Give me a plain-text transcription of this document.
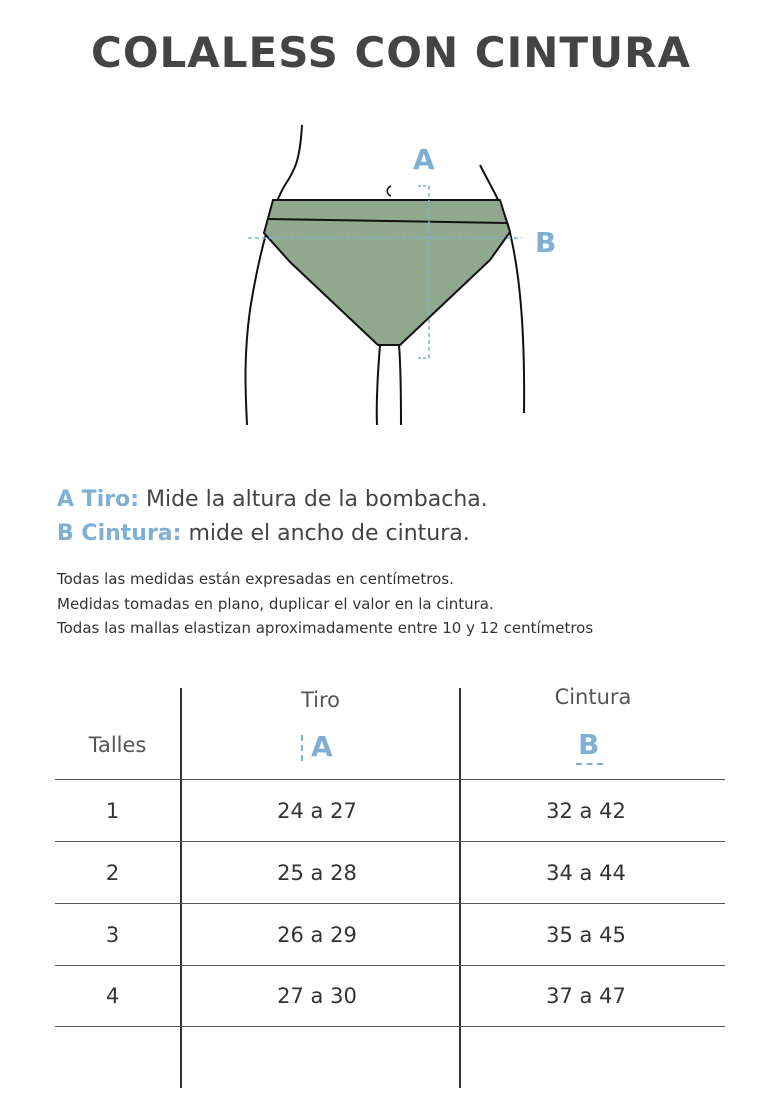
COLALESS CON CINTURA
A
B
A Tiro: Mide la altura de la bombacha.
B Cintura: mide el ancho de cintura.
Todas las medidas están expresadas en centímetros.
Medidas tomadas en plano, duplicar el valor en la cintura.
Todas las mallas elastizan aproximadamente entre 10 y 12 centímetros
Talles
Tiro	Cintura
A	B
1	24 a 27	32 a 42
2	25 a 28	34 a 44
3	26 a 29	35 a 45
4	27 a 30	37 a 47
